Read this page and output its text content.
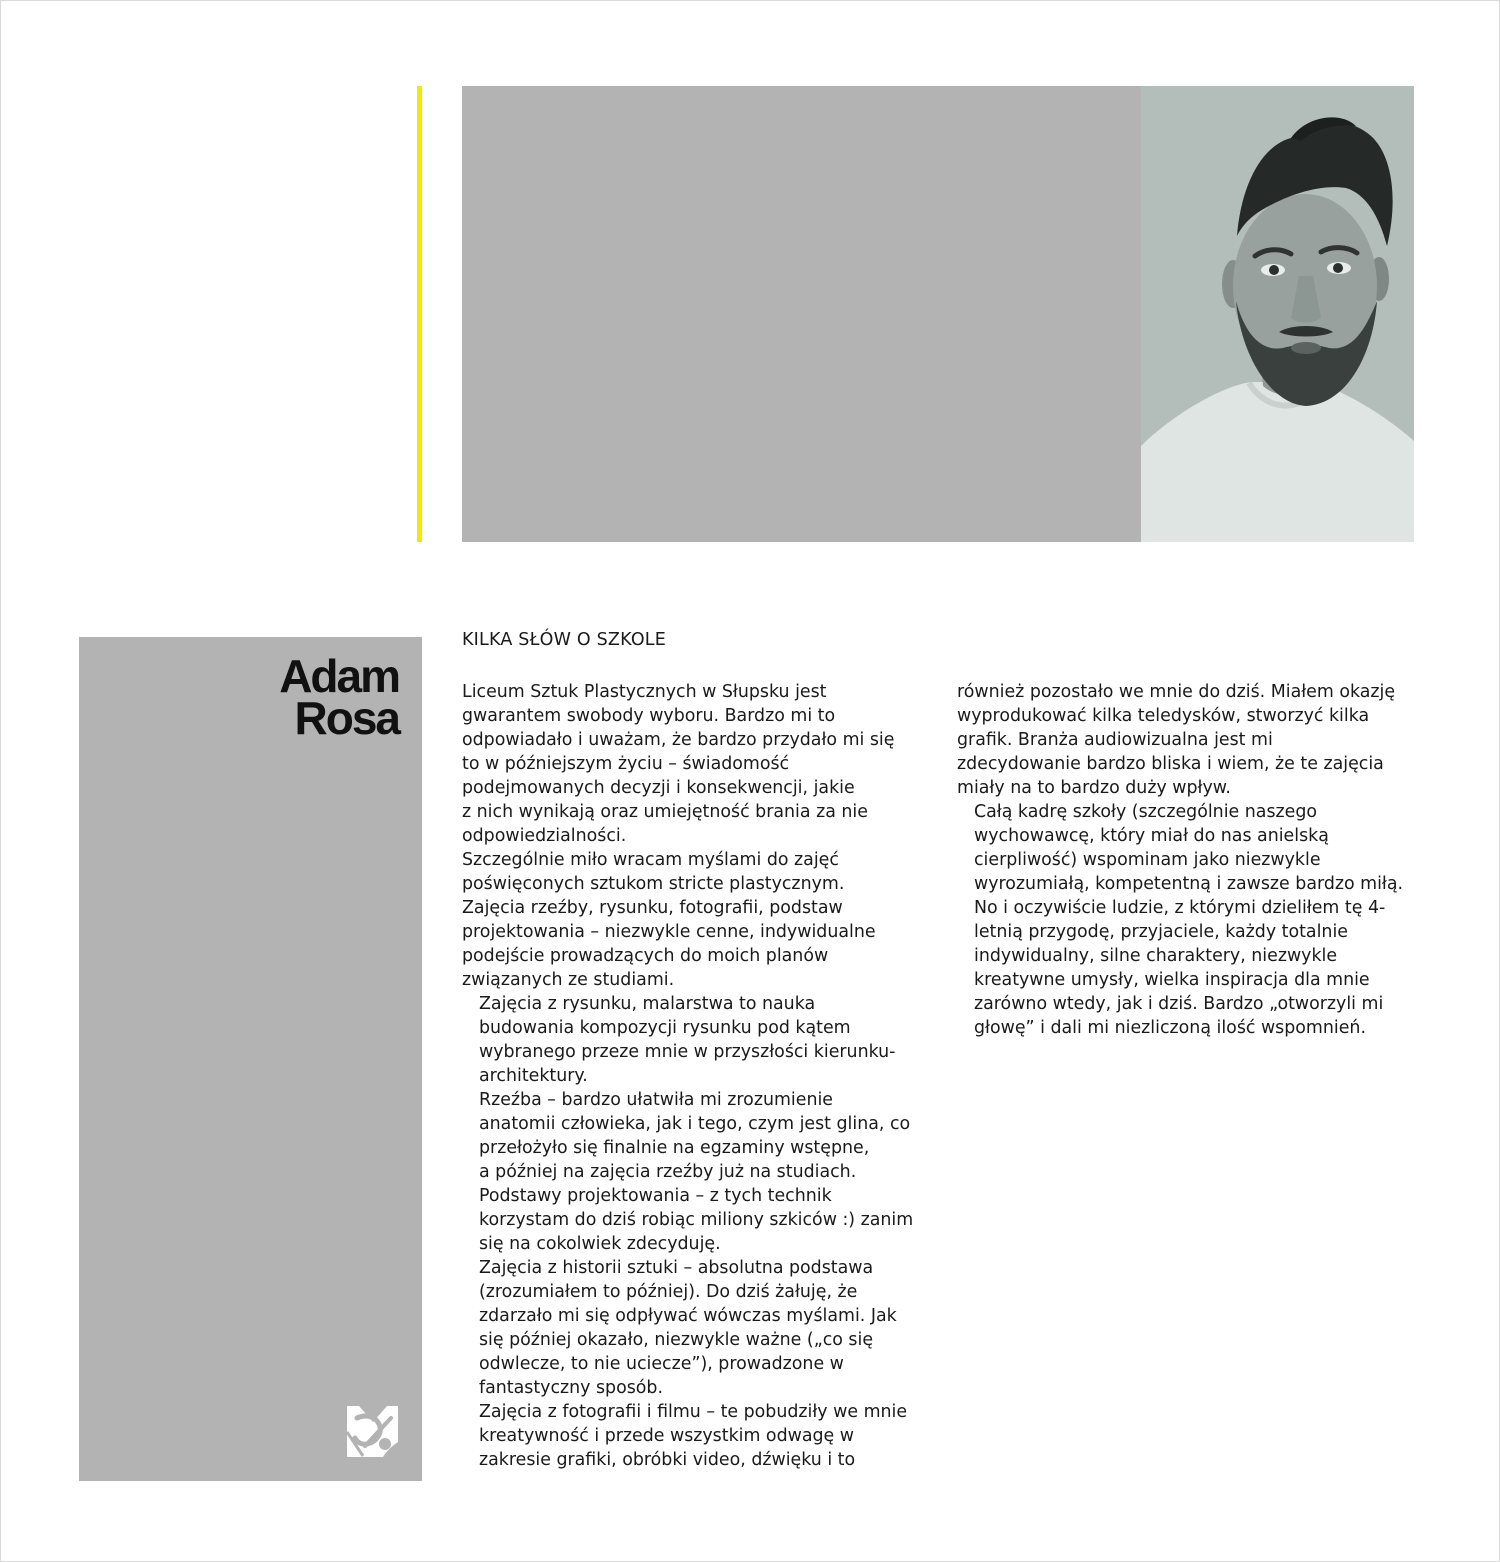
Adam
Rosa
KILKA SŁÓW O SZKOLE

Liceum Sztuk Plastycznych w Słupsku jest
gwarantem swobody wyboru. Bardzo mi to
odpowiadało i uważam, że bardzo przydało mi się
to w późniejszym życiu – świadomość
podejmowanych decyzji i konsekwencji, jakie
z nich wynikają oraz umiejętność brania za nie
odpowiedzialności.

Szczególnie miło wracam myślami do zajęć
poświęconych sztukom stricte plastycznym.
Zajęcia rzeźby, rysunku, fotografii, podstaw
projektowania – niezwykle cenne, indywidualne
podejście prowadzących do moich planów
związanych ze studiami.

Zajęcia z rysunku, malarstwa to nauka
budowania kompozycji rysunku pod kątem
wybranego przeze mnie w przyszłości kierunku-
architektury.

Rzeźba – bardzo ułatwiła mi zrozumienie
anatomii człowieka, jak i tego, czym jest glina, co
przełożyło się finalnie na egzaminy wstępne,
a później na zajęcia rzeźby już na studiach.

Podstawy projektowania – z tych technik
korzystam do dziś robiąc miliony szkiców :) zanim
się na cokolwiek zdecyduję.

Zajęcia z historii sztuki – absolutna podstawa
(zrozumiałem to później). Do dziś żałuję, że
zdarzało mi się odpływać wówczas myślami. Jak
się później okazało, niezwykle ważne („co się
odwlecze, to nie uciecze”), prowadzone w
fantastyczny sposób.

Zajęcia z fotografii i filmu – te pobudziły we mnie
kreatywność i przede wszystkim odwagę w
zakresie grafiki, obróbki video, dźwięku i to

również pozostało we mnie do dziś. Miałem okazję
wyprodukować kilka teledysków, stworzyć kilka
grafik. Branża audiowizualna jest mi
zdecydowanie bardzo bliska i wiem, że te zajęcia
miały na to bardzo duży wpływ.

Całą kadrę szkoły (szczególnie naszego
wychowawcę, który miał do nas anielską
cierpliwość) wspominam jako niezwykle
wyrozumiałą, kompetentną i zawsze bardzo miłą.

No i oczywiście ludzie, z którymi dzieliłem tę 4-
letnią przygodę, przyjaciele, każdy totalnie
indywidualny, silne charaktery, niezwykle
kreatywne umysły, wielka inspiracja dla mnie
zarówno wtedy, jak i dziś. Bardzo „otworzyli mi
głowę” i dali mi niezliczoną ilość wspomnień.
